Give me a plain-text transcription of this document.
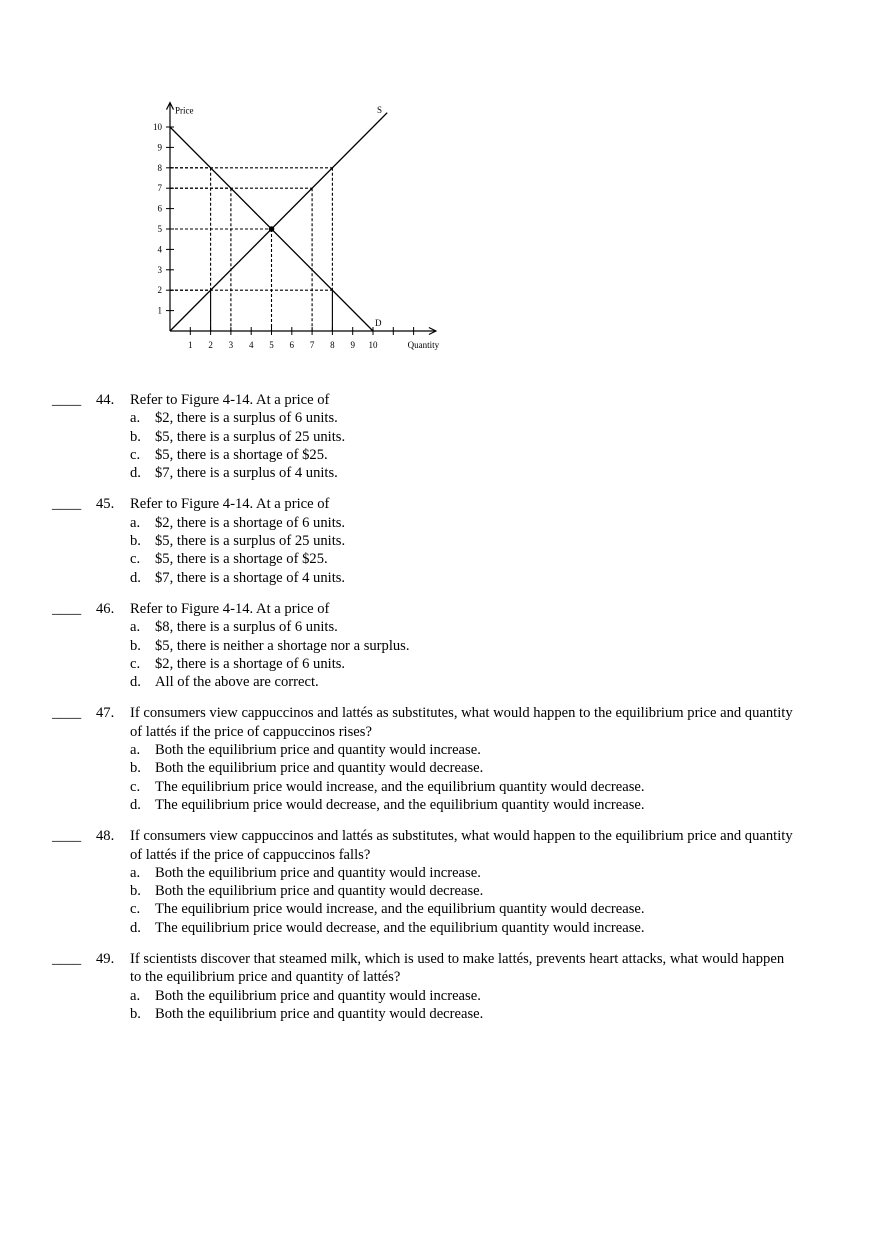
1 2 3 4 5 6 7 8 9 10
1
2
3
4
5
6
7
8
9
10
Price
Quantity
S
D
____ 44. Refer to Figure 4-14. At a price of
a. $2, there is a surplus of 6 units.
b. $5, there is a surplus of 25 units.
c. $5, there is a shortage of $25.
d. $7, there is a surplus of 4 units.
____ 45. Refer to Figure 4-14. At a price of
a. $2, there is a shortage of 6 units.
b. $5, there is a surplus of 25 units.
c. $5, there is a shortage of $25.
d. $7, there is a shortage of 4 units.
____ 46. Refer to Figure 4-14. At a price of
a. $8, there is a surplus of 6 units.
b. $5, there is neither a shortage nor a surplus.
c. $2, there is a shortage of 6 units.
d. All of the above are correct.
____ 47. If consumers view cappuccinos and lattés as substitutes, what would happen to the equilibrium price and quantity of lattés if the price of cappuccinos rises?
a. Both the equilibrium price and quantity would increase.
b. Both the equilibrium price and quantity would decrease.
c. The equilibrium price would increase, and the equilibrium quantity would decrease.
d. The equilibrium price would decrease, and the equilibrium quantity would increase.
____ 48. If consumers view cappuccinos and lattés as substitutes, what would happen to the equilibrium price and quantity of lattés if the price of cappuccinos falls?
a. Both the equilibrium price and quantity would increase.
b. Both the equilibrium price and quantity would decrease.
c. The equilibrium price would increase, and the equilibrium quantity would decrease.
d. The equilibrium price would decrease, and the equilibrium quantity would increase.
____ 49. If scientists discover that steamed milk, which is used to make lattés, prevents heart attacks, what would happen to the equilibrium price and quantity of lattés?
a. Both the equilibrium price and quantity would increase.
b. Both the equilibrium price and quantity would decrease.
